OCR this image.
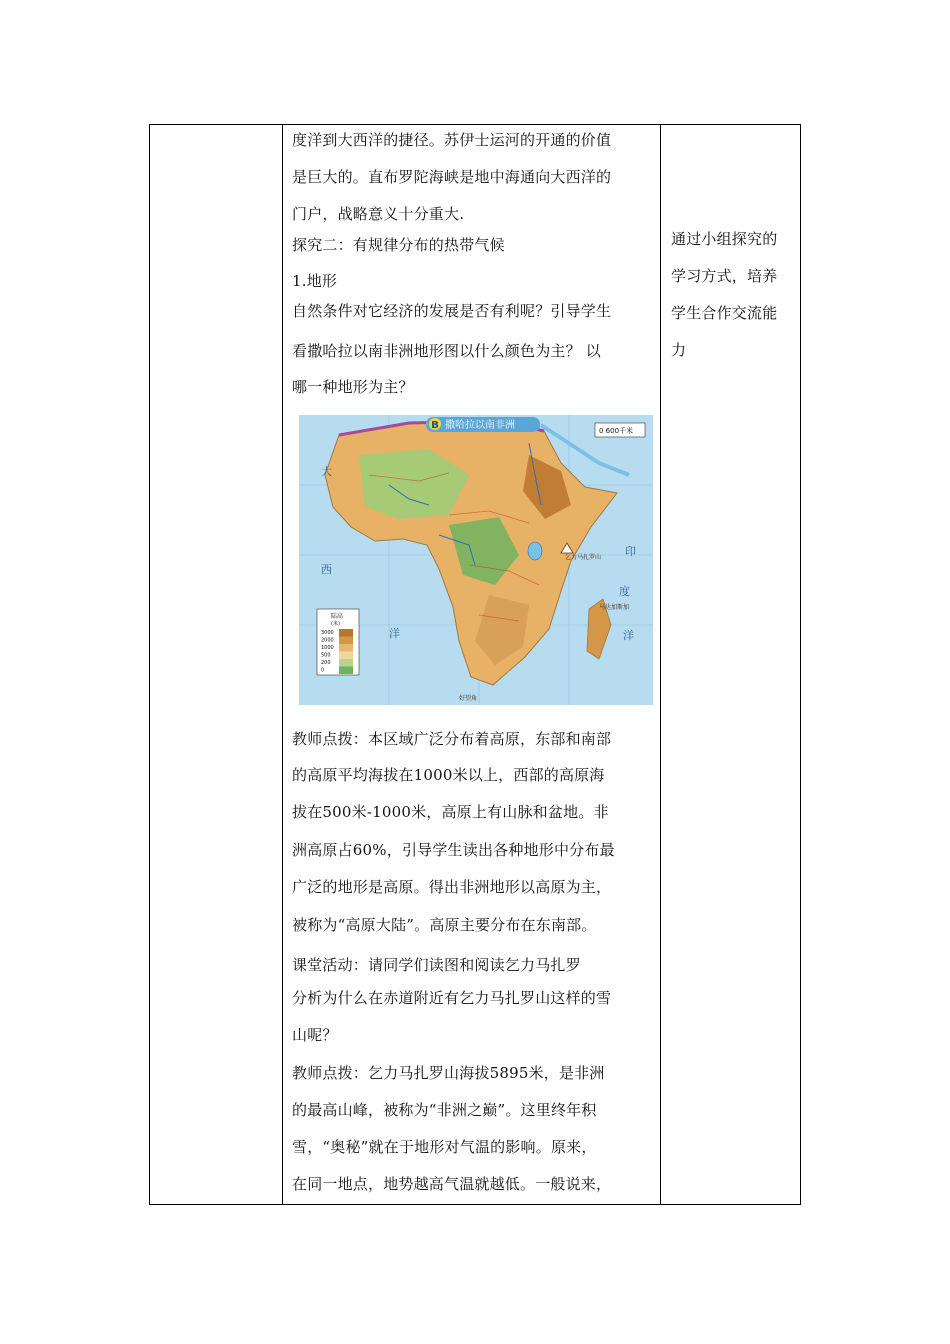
度洋到大西洋的捷径。苏伊士运河的开通的价值
是巨大的。直布罗陀海峡是地中海通向大西洋的
门户，战略意义十分重大.
探究二：有规律分布的热带气候
1.地形
自然条件对它经济的发展是否有利呢？引导学生
看撒哈拉以南非洲地形图以什么颜色为主？ 以
哪一种地形为主？
B 撒哈拉以南非洲	0 600千米
大
西
洋
印
度
洋
乞力马扎罗山
好望角
马达加斯加
陆高
(米)
3000
2000
1000
500
200
0
教师点拨：本区域广泛分布着高原，东部和南部
的高原平均海拔在1000米以上，西部的高原海
拔在500米-1000米，高原上有山脉和盆地。非
洲高原占60%，引导学生读出各种地形中分布最
广泛的地形是高原。得出非洲地形以高原为主，
被称为“高原大陆”。高原主要分布在东南部。
课堂活动：请同学们读图和阅读乞力马扎罗
分析为什么在赤道附近有乞力马扎罗山这样的雪
山呢？
教师点拨：乞力马扎罗山海拔5895米，是非洲
的最高山峰，被称为“非洲之巅”。这里终年积
雪，“奥秘”就在于地形对气温的影响。原来，
在同一地点，地势越高气温就越低。一般说来，
通过小组探究的
学习方式，培养
学生合作交流能
力
